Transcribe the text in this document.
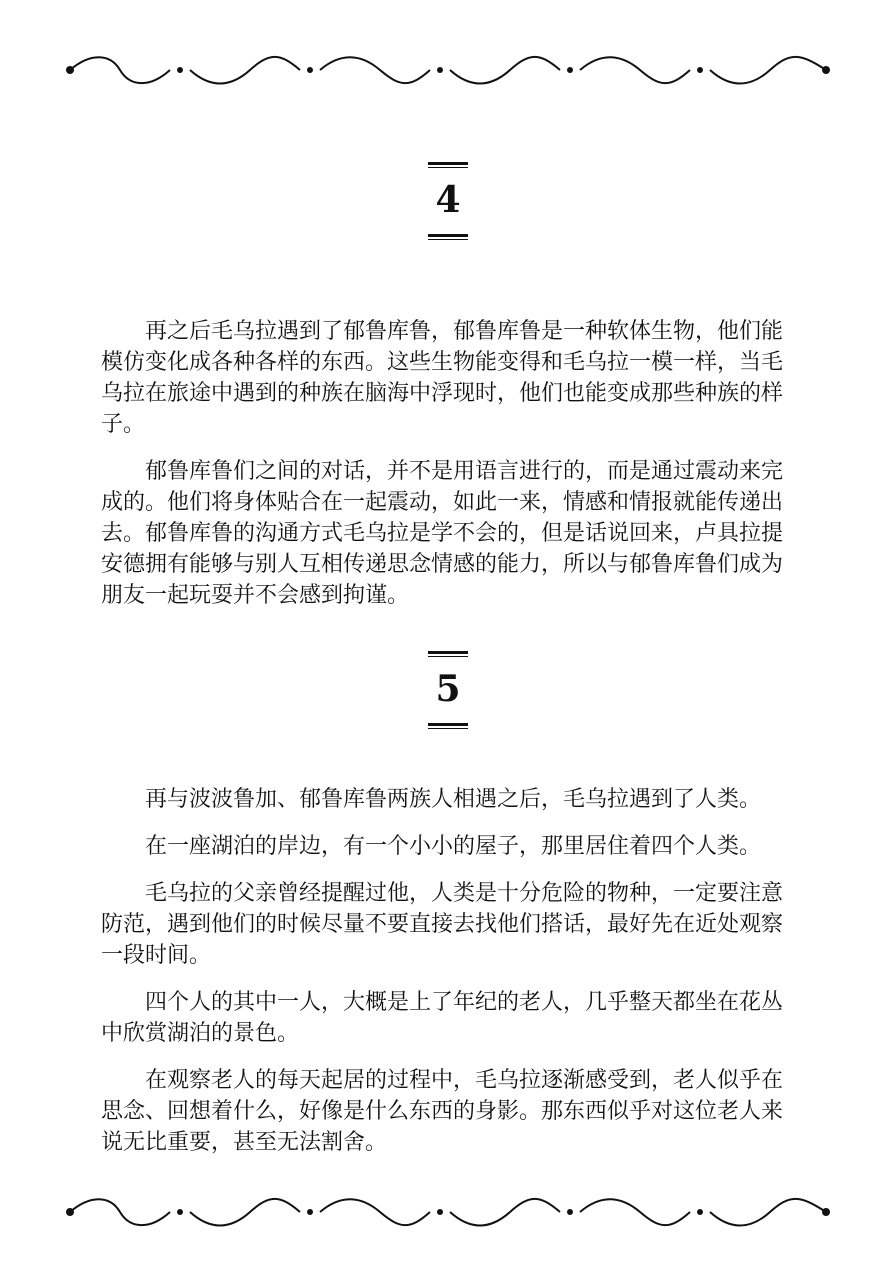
4

再之后毛乌拉遇到了郁鲁库鲁，郁鲁库鲁是一种软体生物，他们能模仿变化成各种各样的东西。这些生物能变得和毛乌拉一模一样，当毛乌拉在旅途中遇到的种族在脑海中浮现时，他们也能变成那些种族的样子。

郁鲁库鲁们之间的对话，并不是用语言进行的，而是通过震动来完成的。他们将身体贴合在一起震动，如此一来，情感和情报就能传递出去。郁鲁库鲁的沟通方式毛乌拉是学不会的，但是话说回来，卢具拉提安德拥有能够与别人互相传递思念情感的能力，所以与郁鲁库鲁们成为朋友一起玩耍并不会感到拘谨。

5

再与波波鲁加、郁鲁库鲁两族人相遇之后，毛乌拉遇到了人类。

在一座湖泊的岸边，有一个小小的屋子，那里居住着四个人类。

毛乌拉的父亲曾经提醒过他，人类是十分危险的物种，一定要注意防范，遇到他们的时候尽量不要直接去找他们搭话，最好先在近处观察一段时间。

四个人的其中一人，大概是上了年纪的老人，几乎整天都坐在花丛中欣赏湖泊的景色。

在观察老人的每天起居的过程中，毛乌拉逐渐感受到，老人似乎在思念、回想着什么，好像是什么东西的身影。那东西似乎对这位老人来说无比重要，甚至无法割舍。
